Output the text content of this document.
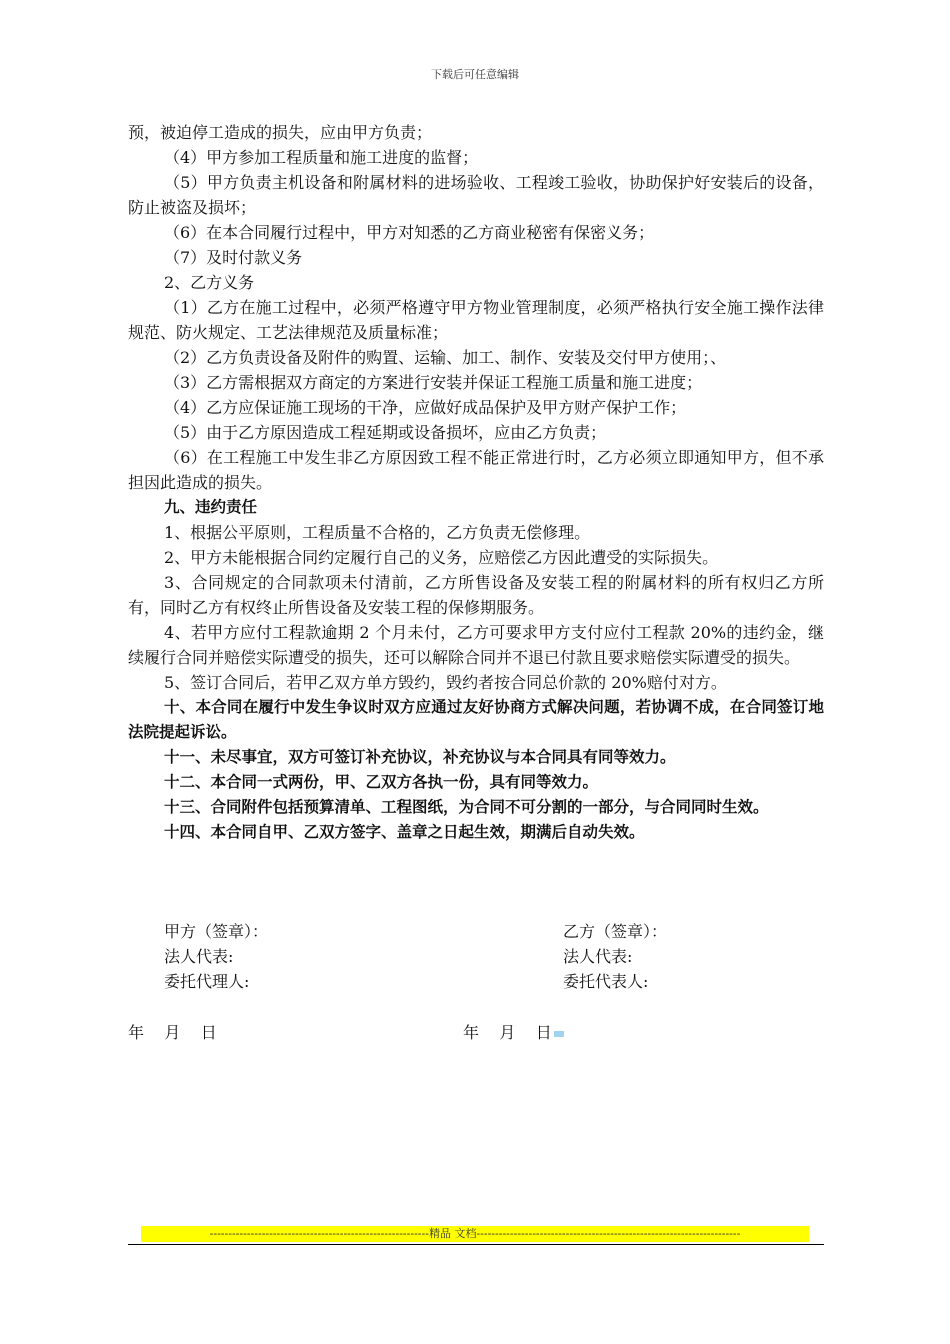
下载后可任意编辑

预，被迫停工造成的损失，应由甲方负责；

（4）甲方参加工程质量和施工进度的监督；

（5）甲方负责主机设备和附属材料的进场验收、工程竣工验收，协助保护好安装后的设备，防止被盗及损坏；

（6）在本合同履行过程中，甲方对知悉的乙方商业秘密有保密义务；

（7）及时付款义务

2、乙方义务

（1）乙方在施工过程中，必须严格遵守甲方物业管理制度，必须严格执行安全施工操作法律规范、防火规定、工艺法律规范及质量标准；

（2）乙方负责设备及附件的购置、运输、加工、制作、安装及交付甲方使用；、

（3）乙方需根据双方商定的方案进行安装并保证工程施工质量和施工进度；

（4）乙方应保证施工现场的干净，应做好成品保护及甲方财产保护工作；

（5）由于乙方原因造成工程延期或设备损坏，应由乙方负责；

（6）在工程施工中发生非乙方原因致工程不能正常进行时，乙方必须立即通知甲方，但不承担因此造成的损失。

九、违约责任

1、根据公平原则，工程质量不合格的，乙方负责无偿修理。

2、甲方未能根据合同约定履行自己的义务，应赔偿乙方因此遭受的实际损失。

3、合同规定的合同款项未付清前，乙方所售设备及安装工程的附属材料的所有权归乙方所有，同时乙方有权终止所售设备及安装工程的保修期服务。

4、若甲方应付工程款逾期 2 个月未付，乙方可要求甲方支付应付工程款 20%的违约金，继续履行合同并赔偿实际遭受的损失，还可以解除合同并不退已付款且要求赔偿实际遭受的损失。

5、签订合同后，若甲乙双方单方毁约，毁约者按合同总价款的 20%赔付对方。

十、本合同在履行中发生争议时双方应通过友好协商方式解决问题，若协调不成，在合同签订地法院提起诉讼。

十一、未尽事宜，双方可签订补充协议，补充协议与本合同具有同等效力。

十二、本合同一式两份，甲、乙双方各执一份，具有同等效力。

十三、合同附件包括预算清单、工程图纸，为合同不可分割的一部分，与合同同时生效。

十四、本合同自甲、乙双方签字、盖章之日起生效，期满后自动失效。

甲方（签章）：
法人代表:
委托代理人:
乙方（签章）：
法人代表:
委托代表人:
年    月    日	年    月    日
-----------------------------------------------------------精品 文档-----------------------------------------------------------------------
